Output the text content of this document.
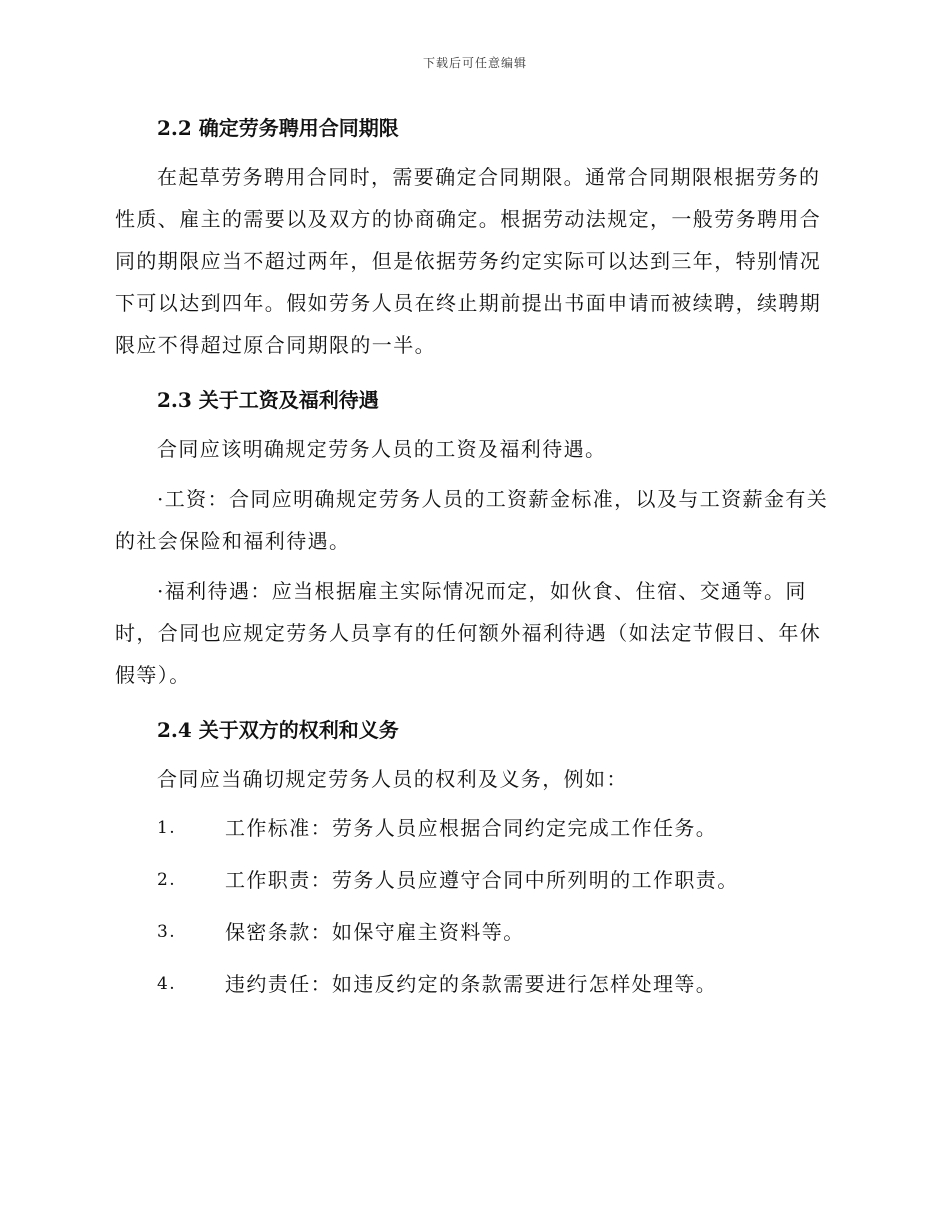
下载后可任意编辑
2.2 确定劳务聘用合同期限

在起草劳务聘用合同时，需要确定合同期限。通常合同期限根据劳务的性质、雇主的需要以及双方的协商确定。根据劳动法规定，一般劳务聘用合同的期限应当不超过两年，但是依据劳务约定实际可以达到三年，特别情况下可以达到四年。假如劳务人员在终止期前提出书面申请而被续聘，续聘期限应不得超过原合同期限的一半。

2.3 关于工资及福利待遇

合同应该明确规定劳务人员的工资及福利待遇。

·工资：合同应明确规定劳务人员的工资薪金标准，以及与工资薪金有关的社会保险和福利待遇。

·福利待遇：应当根据雇主实际情况而定，如伙食、住宿、交通等。同时，合同也应规定劳务人员享有的任何额外福利待遇（如法定节假日、年休假等）。

2.4 关于双方的权利和义务

合同应当确切规定劳务人员的权利及义务，例如：

1.	工作标准：劳务人员应根据合同约定完成工作任务。
2.	工作职责：劳务人员应遵守合同中所列明的工作职责。
3.	保密条款：如保守雇主资料等。
4.	违约责任：如违反约定的条款需要进行怎样处理等。
